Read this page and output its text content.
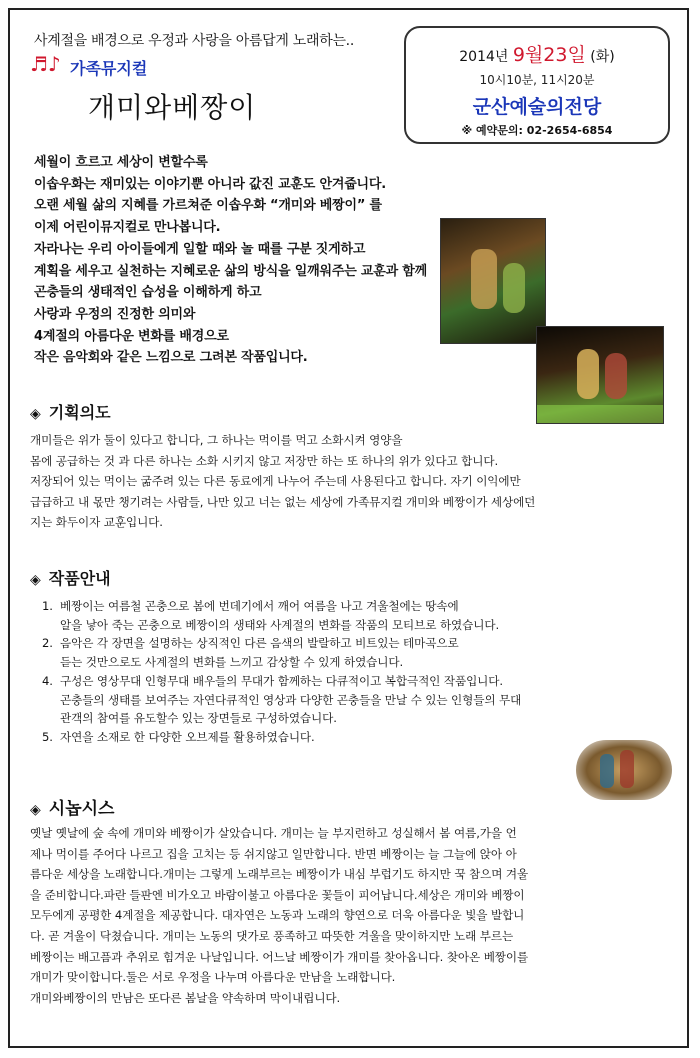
사계절을 배경으로 우정과 사랑을 아름답게 노래하는..
♬♪ 가족뮤지컬
개미와베짱이
2014년 9월23일 (화)
10시10분, 11시20분
군산예술의전당
※ 예약문의: 02-2654-6854
세월이 흐르고 세상이 변할수록
이솝우화는 재미있는 이야기뿐 아니라 값진 교훈도 안겨줍니다.
오랜 세월 삶의 지혜를 가르쳐준 이솝우화 “개미와 베짱이” 를
이제 어린이뮤지컬로 만나봅니다.
자라나는 우리 아이들에게 일할 때와 놀 때를 구분 짓게하고
계획을 세우고 실천하는 지혜로운 삶의 방식을 일깨워주는 교훈과 함께
곤충들의 생태적인 습성을 이해하게 하고
사랑과 우정의 진정한 의미와
4계절의 아름다운 변화를 배경으로
작은 음악회와 같은 느낌으로 그려본 작품입니다.
◈ 기획의도
개미들은 위가 둘이 있다고 합니다, 그 하나는 먹이를 먹고 소화시켜 영양을
몸에 공급하는 것 과 다른 하나는 소화 시키지 않고 저장만 하는 또 하나의 위가 있다고 합니다.
저장되어 있는 먹이는 굶주려 있는 다른 동료에게 나누어 주는데 사용된다고 합니다. 자기 이익에만
급급하고 내 몫만 챙기려는 사람들, 나만 있고 너는 없는 세상에 가족뮤지컬 개미와 베짱이가 세상에던
지는 화두이자 교훈입니다.
◈ 작품안내
1. 베짱이는 여름철 곤충으로 봄에 번데기에서 깨어 여름을 나고 겨울철에는 땅속에
알을 낳아 죽는 곤충으로 베짱이의 생태와 사계절의 변화를 작품의 모티브로 하였습니다.
2. 음악은 각 장면을 설명하는 상직적인 다른 음색의 발랄하고 비트있는 테마곡으로
듣는 것만으로도 사계절의 변화를 느끼고 감상할 수 있게 하였습니다.
4. 구성은 영상무대 인형무대 배우들의 무대가 함께하는 다큐적이고 복합극적인 작품입니다.
곤충들의 생태를 보여주는 자연다큐적인 영상과 다양한 곤충들을 만날 수 있는 인형들의 무대
관객의 참여를 유도할수 있는 장면들로 구성하였습니다.
5. 자연을 소재로 한 다양한 오브제를 활용하였습니다.
◈ 시놉시스
옛날 옛날에 숲 속에 개미와 베짱이가 살았습니다. 개미는 늘 부지런하고 성실해서 봄 여름,가을 언
제나 먹이를 주어다 나르고 집을 고치는 등 쉬지않고 일만합니다. 반면 베짱이는 늘 그늘에 앉아 아
름다운 세상을 노래합니다.개미는 그렇게 노래부르는 베짱이가 내심 부럽기도 하지만 꾹 참으며 겨울
을 준비합니다.파란 들판엔 비가오고 바람이불고 아름다운 꽃들이 피어납니다.세상은 개미와 베짱이
모두에게 공평한 4계절을 제공합니다. 대자연은 노동과 노래의 향연으로 더욱 아름다운 빛을 발합니
다. 곧 겨울이 닥쳤습니다. 개미는 노동의 댓가로 풍족하고 따뜻한 겨울을 맞이하지만 노래 부르는
베짱이는 배고픔과 추위로 힘겨운 나날입니다. 어느날 베짱이가 개미를 찾아옵니다. 찾아온 베짱이를
개미가 맞이합니다.둘은 서로 우정을 나누며 아름다운 만남을 노래합니다.
개미와베짱이의 만남은 또다른 봄날을 약속하며 막이내립니다.
